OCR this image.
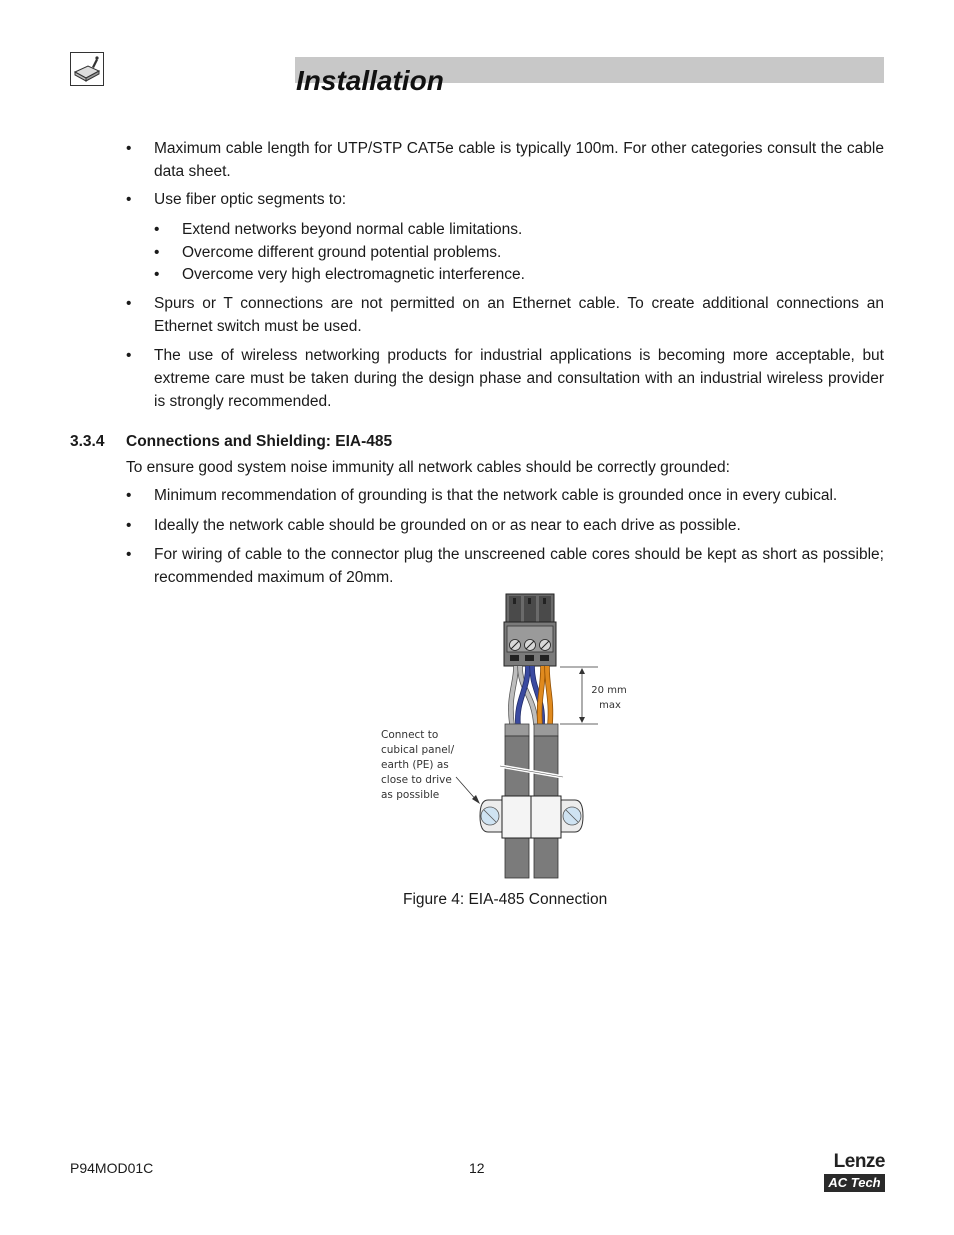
Installation
•	Maximum cable length for UTP/STP CAT5e cable is typically 100m. For other categories consult the cable data sheet.
•	Use fiber optic segments to:
• Extend networks beyond normal cable limitations.
• Overcome different ground potential problems.
• Overcome very high electromagnetic interference.
•	Spurs or T connections are not permitted on an Ethernet cable. To create additional connections an Ethernet switch must be used.
•	The use of wireless networking products for industrial applications is becoming more acceptable, but extreme care must be taken during the design phase and consultation with an industrial wireless provider is strongly recommended.
3.3.4 Connections and Shielding: EIA-485
To ensure good system noise immunity all network cables should be correctly grounded:
•	Minimum recommendation of grounding is that the network cable is grounded once in every cubical.
•	Ideally the network cable should be grounded on or as near to each drive as possible.
•	For wiring of cable to the connector plug the unscreened cable cores should be kept as short as possible; recommended maximum of 20mm.
20 mm
max
Connect to cubical panel/ earth (PE) as close to drive as possible
Figure 4: EIA-485 Connection
P94MOD01C	12	Lenze
AC Tech
